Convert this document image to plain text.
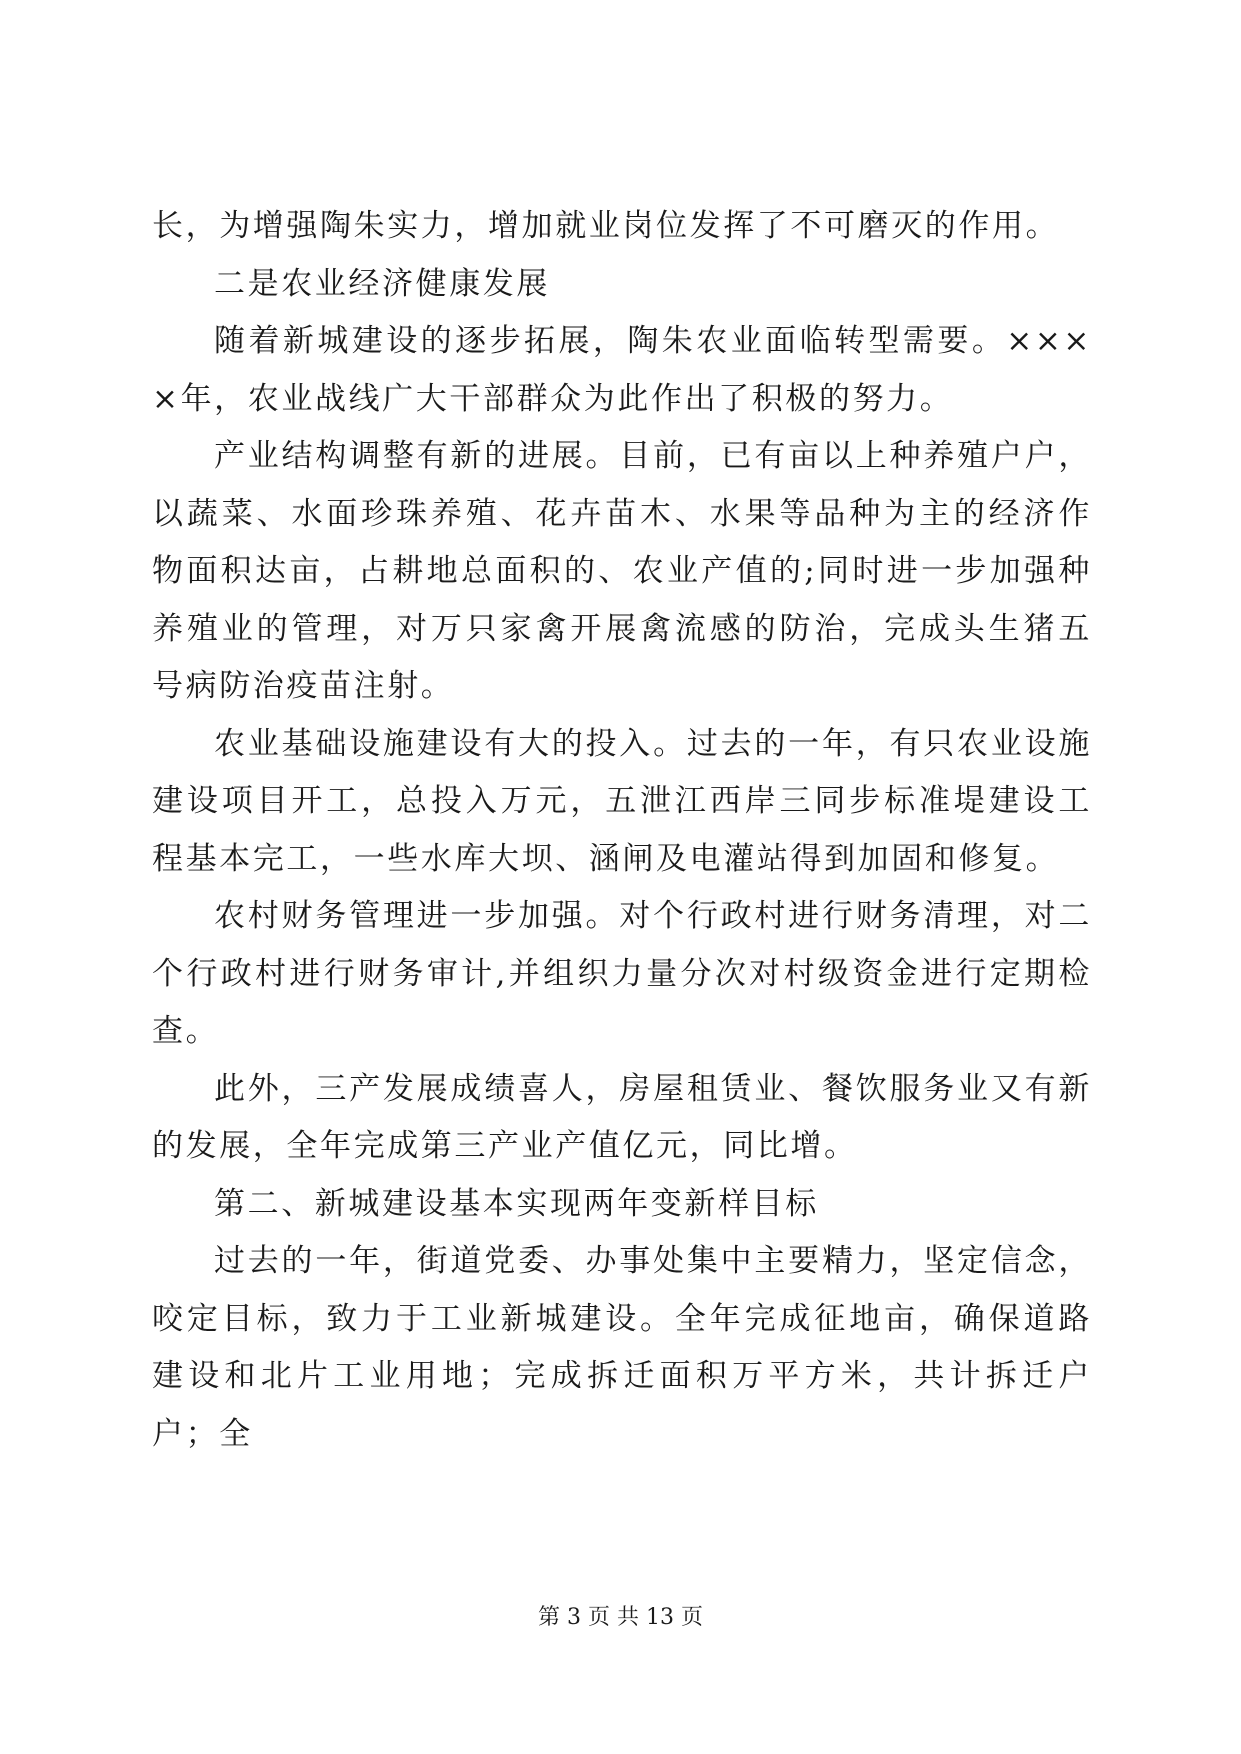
长，为增强陶朱实力，增加就业岗位发挥了不可磨灭的作用。

二是农业经济健康发展

随着新城建设的逐步拓展，陶朱农业面临转型需要。××××年，农业战线广大干部群众为此作出了积极的努力。

产业结构调整有新的进展。目前，已有亩以上种养殖户户，以蔬菜、水面珍珠养殖、花卉苗木、水果等品种为主的经济作物面积达亩，占耕地总面积的、农业产值的;同时进一步加强种养殖业的管理，对万只家禽开展禽流感的防治，完成头生猪五号病防治疫苗注射。

农业基础设施建设有大的投入。过去的一年，有只农业设施建设项目开工，总投入万元，五泄江西岸三同步标准堤建设工程基本完工，一些水库大坝、涵闸及电灌站得到加固和修复。

农村财务管理进一步加强。对个行政村进行财务清理，对二个行政村进行财务审计,并组织力量分次对村级资金进行定期检查。

此外，三产发展成绩喜人，房屋租赁业、餐饮服务业又有新的发展，全年完成第三产业产值亿元，同比增。

第二、新城建设基本实现两年变新样目标

过去的一年，街道党委、办事处集中主要精力，坚定信念，咬定目标，致力于工业新城建设。全年完成征地亩，确保道路建设和北片工业用地；完成拆迁面积万平方米，共计拆迁户户；全

第 3 页 共 13 页
